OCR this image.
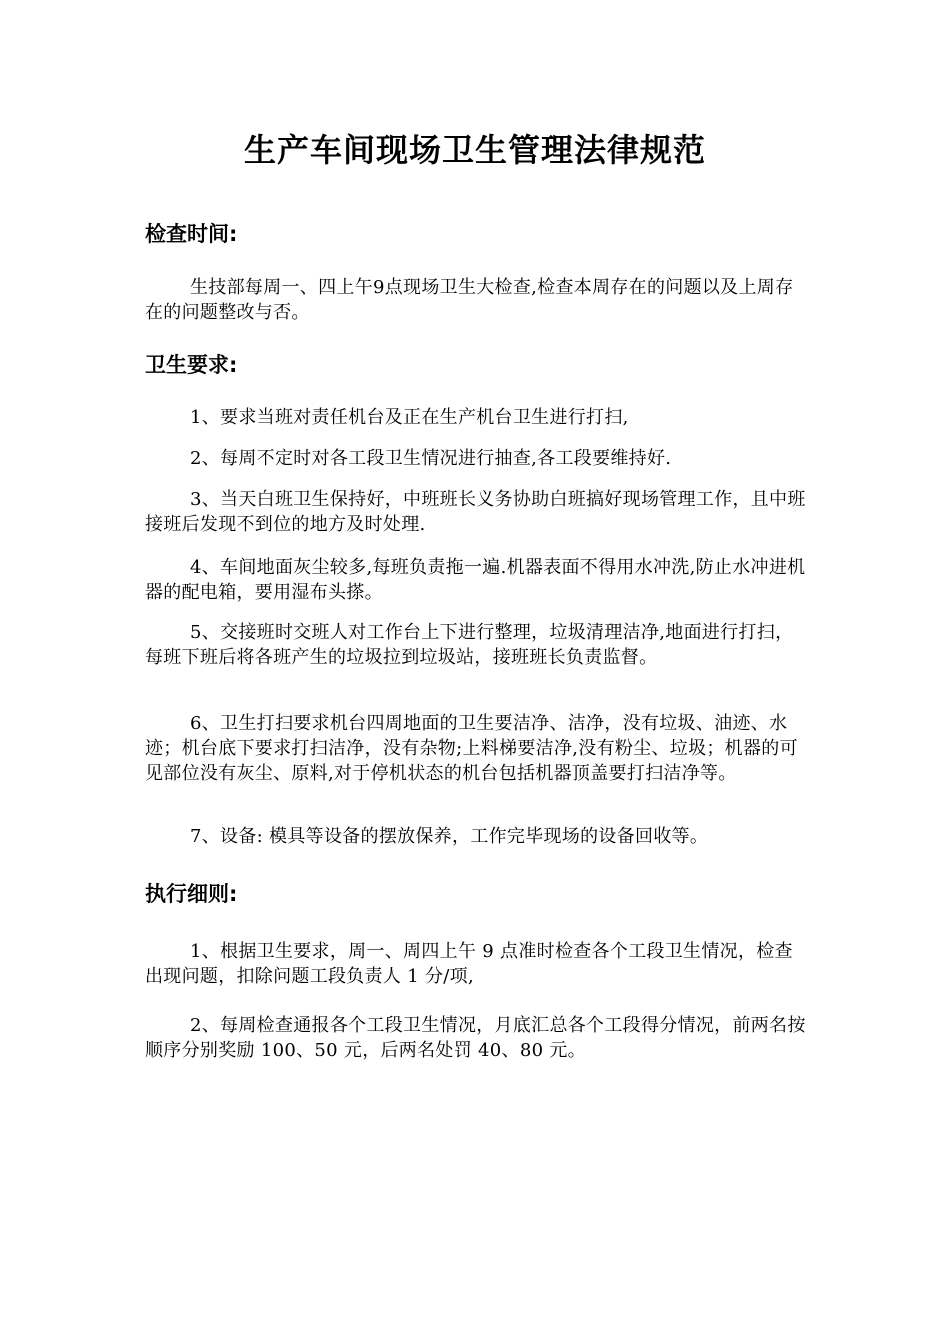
生产车间现场卫生管理法律规范
检查时间:
生技部每周一、四上午9点现场卫生大检查,检查本周存在的问题以及上周存在的问题整改与否。
卫生要求:
1、要求当班对责任机台及正在生产机台卫生进行打扫,
2、每周不定时对各工段卫生情况进行抽查,各工段要维持好.
3、当天白班卫生保持好，中班班长义务协助白班搞好现场管理工作，且中班接班后发现不到位的地方及时处理.
4、车间地面灰尘较多,每班负责拖一遍.机器表面不得用水冲洗,防止水冲进机器的配电箱，要用湿布头搽。
5、交接班时交班人对工作台上下进行整理，垃圾清理洁净,地面进行打扫，每班下班后将各班产生的垃圾拉到垃圾站，接班班长负责监督。
6、卫生打扫要求机台四周地面的卫生要洁净、洁净，没有垃圾、油迹、水迹；机台底下要求打扫洁净，没有杂物;上料梯要洁净,没有粉尘、垃圾；机器的可见部位没有灰尘、原料,对于停机状态的机台包括机器顶盖要打扫洁净等。
7、设备: 模具等设备的摆放保养，工作完毕现场的设备回收等。
执行细则:
1、根据卫生要求，周一、周四上午 9 点准时检查各个工段卫生情况，检查出现问题，扣除问题工段负责人 1 分/项,
2、每周检查通报各个工段卫生情况，月底汇总各个工段得分情况，前两名按顺序分别奖励 100、50 元，后两名处罚 40、80 元。
